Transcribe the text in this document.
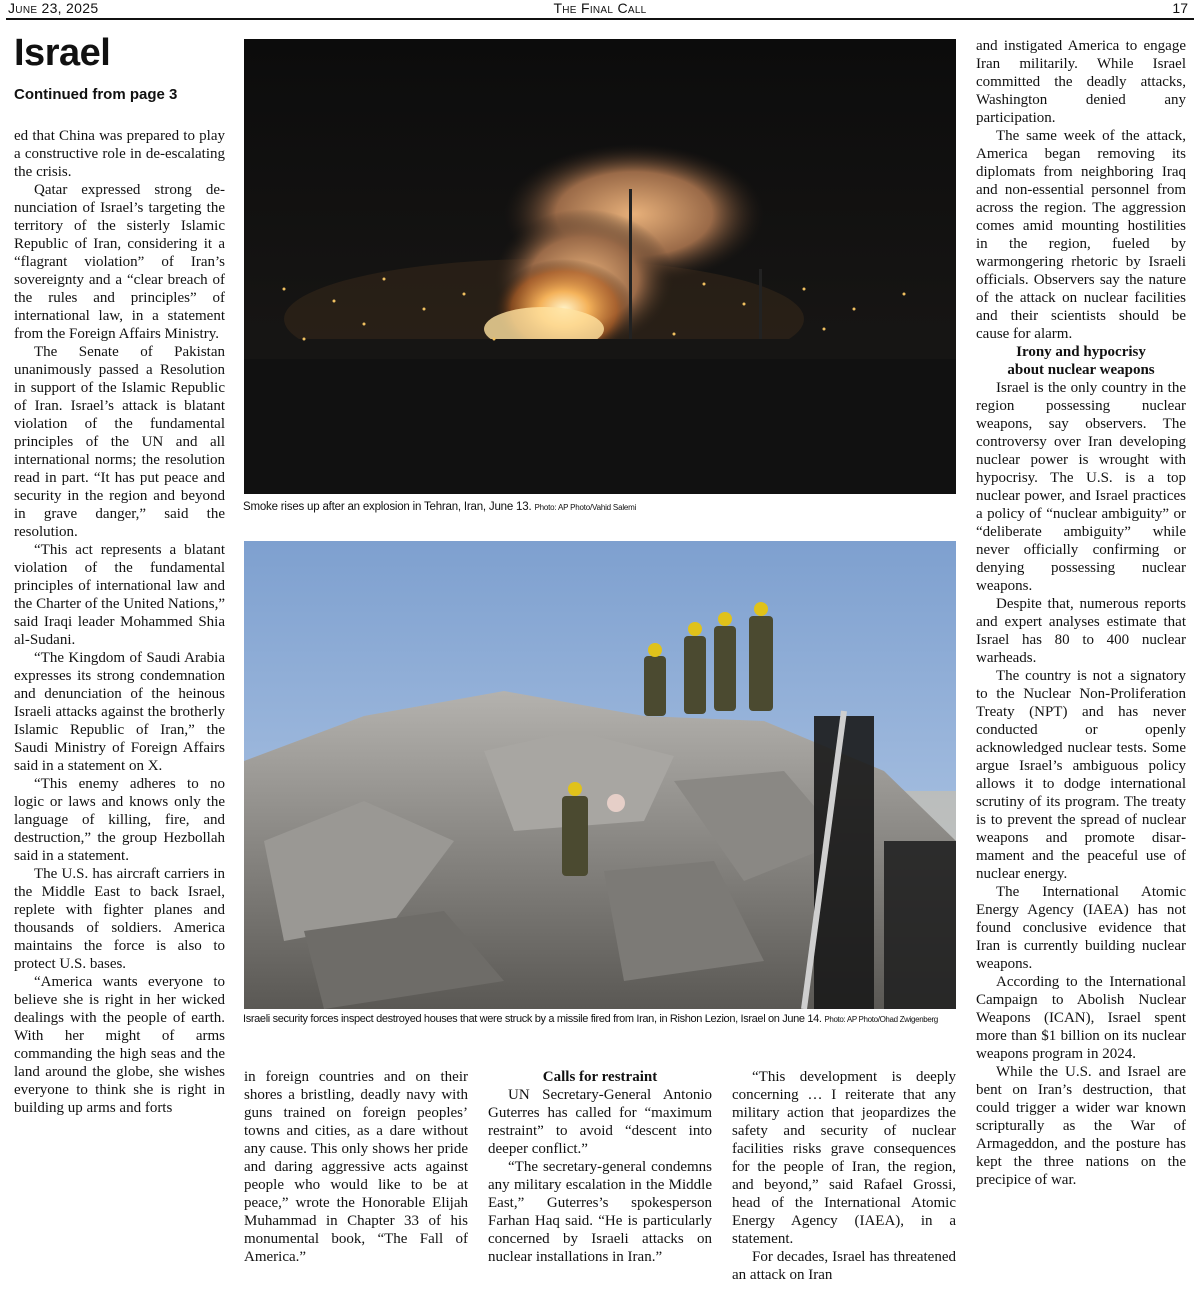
June 23, 2025	The Final Call	17
Israel
Continued from page 3

ed that China was prepared to play a constructive role in de-escalating the crisis.

Qatar expressed strong denunciation of Israel’s targeting the territory of the sisterly Islamic Republic of Iran, considering it a “flagrant violation” of Iran’s sovereignty and a “clear breach of the rules and principles” of international law, in a statement from the Foreign Affairs Ministry.

The Senate of Pakistan unanimously passed a Resolution in support of the Islamic Republic of Iran. Israel’s attack is blatant violation of the fundamental principles of the UN and all international norms; the resolution read in part. “It has put peace and security in the region and beyond in grave danger,” said the resolution.

“This act represents a blatant violation of the fundamental principles of international law and the Charter of the United Nations,” said Iraqi leader Mohammed Shia al-Sudani.

“The Kingdom of Saudi Arabia expresses its strong condemnation and denunciation of the heinous Israeli attacks against the brotherly Islamic Republic of Iran,” the Saudi Ministry of Foreign Affairs said in a statement on X.

“This enemy adheres to no logic or laws and knows only the language of killing, fire, and destruction,” the group Hezbollah said in a statement.

The U.S. has aircraft carriers in the Middle East to back Israel, replete with fighter planes and thousands of soldiers. America maintains the force is also to protect U.S. bases.

“America wants everyone to believe she is right in her wicked dealings with the people of earth. With her might of arms commanding the high seas and the land around the globe, she wishes everyone to think she is right in building up arms and forts

Smoke rises up after an explosion in Tehran, Iran, June 13. Photo: AP Photo/Vahid Salemi
Israeli security forces inspect destroyed houses that were struck by a missile fired from Iran, in Rishon Lezion, Israel on June 14. Photo: AP Photo/Ohad Zwigenberg

in foreign countries and on their shores a bristling, deadly navy with guns trained on foreign peoples’ towns and cities, as a dare without any cause. This only shows her pride and daring aggressive acts against people who would like to be at peace,” wrote the Honorable Elijah Muhammad in Chapter 33 of his monumental book, “The Fall of America.”

Calls for restraint

UN Secretary-General Antonio Guterres has called for “maximum restraint” to avoid “descent into deeper conflict.”

“The secretary-general condemns any military escalation in the Middle East,” Guterres’s spokesperson Farhan Haq said. “He is particularly concerned by Israeli attacks on nuclear installations in Iran.”

“This development is deeply concerning … I reiterate that any military action that jeopardizes the safety and security of nuclear facilities risks grave consequences for the people of Iran, the region, and beyond,” said Rafael Grossi, head of the International Atomic Energy Agency (IAEA), in a statement.

For decades, Israel has threatened an attack on Iran

and instigated America to engage Iran militarily. While Israel committed the deadly attacks, Washington denied any participation.

The same week of the attack, America began removing its diplomats from neighboring Iraq and non-essential personnel from across the region. The aggression comes amid mounting hostilities in the region, fueled by warmongering rhetoric by Israeli officials. Observers say the nature of the attack on nuclear facilities and their scientists should be cause for alarm.

Irony and hypocrisy

about nuclear weapons

Israel is the only country in the region possessing nuclear weapons, say observers. The controversy over Iran developing nuclear power is wrought with hypocrisy. The U.S. is a top nuclear power, and Israel practices a policy of “nuclear ambiguity” or “deliberate ambiguity” while never officially confirming or denying possessing nuclear weapons.

Despite that, numerous reports and expert analyses estimate that Israel has 80 to 400 nuclear warheads.

The country is not a signatory to the Nuclear Non-Proliferation Treaty (NPT) and has never conducted or openly acknowledged nuclear tests. Some argue Israel’s ambiguous policy allows it to dodge international scrutiny of its program. The treaty is to prevent the spread of nuclear weapons and promote disarmament and the peaceful use of nuclear energy.

The International Atomic Energy Agency (IAEA) has not found conclusive evidence that Iran is currently building nuclear weapons.

According to the International Campaign to Abolish Nuclear Weapons (ICAN), Israel spent more than $1 billion on its nuclear weapons program in 2024.

While the U.S. and Israel are bent on Iran’s destruction, that could trigger a wider war known scripturally as the War of Armageddon, and the posture has kept the three nations on the precipice of war.
